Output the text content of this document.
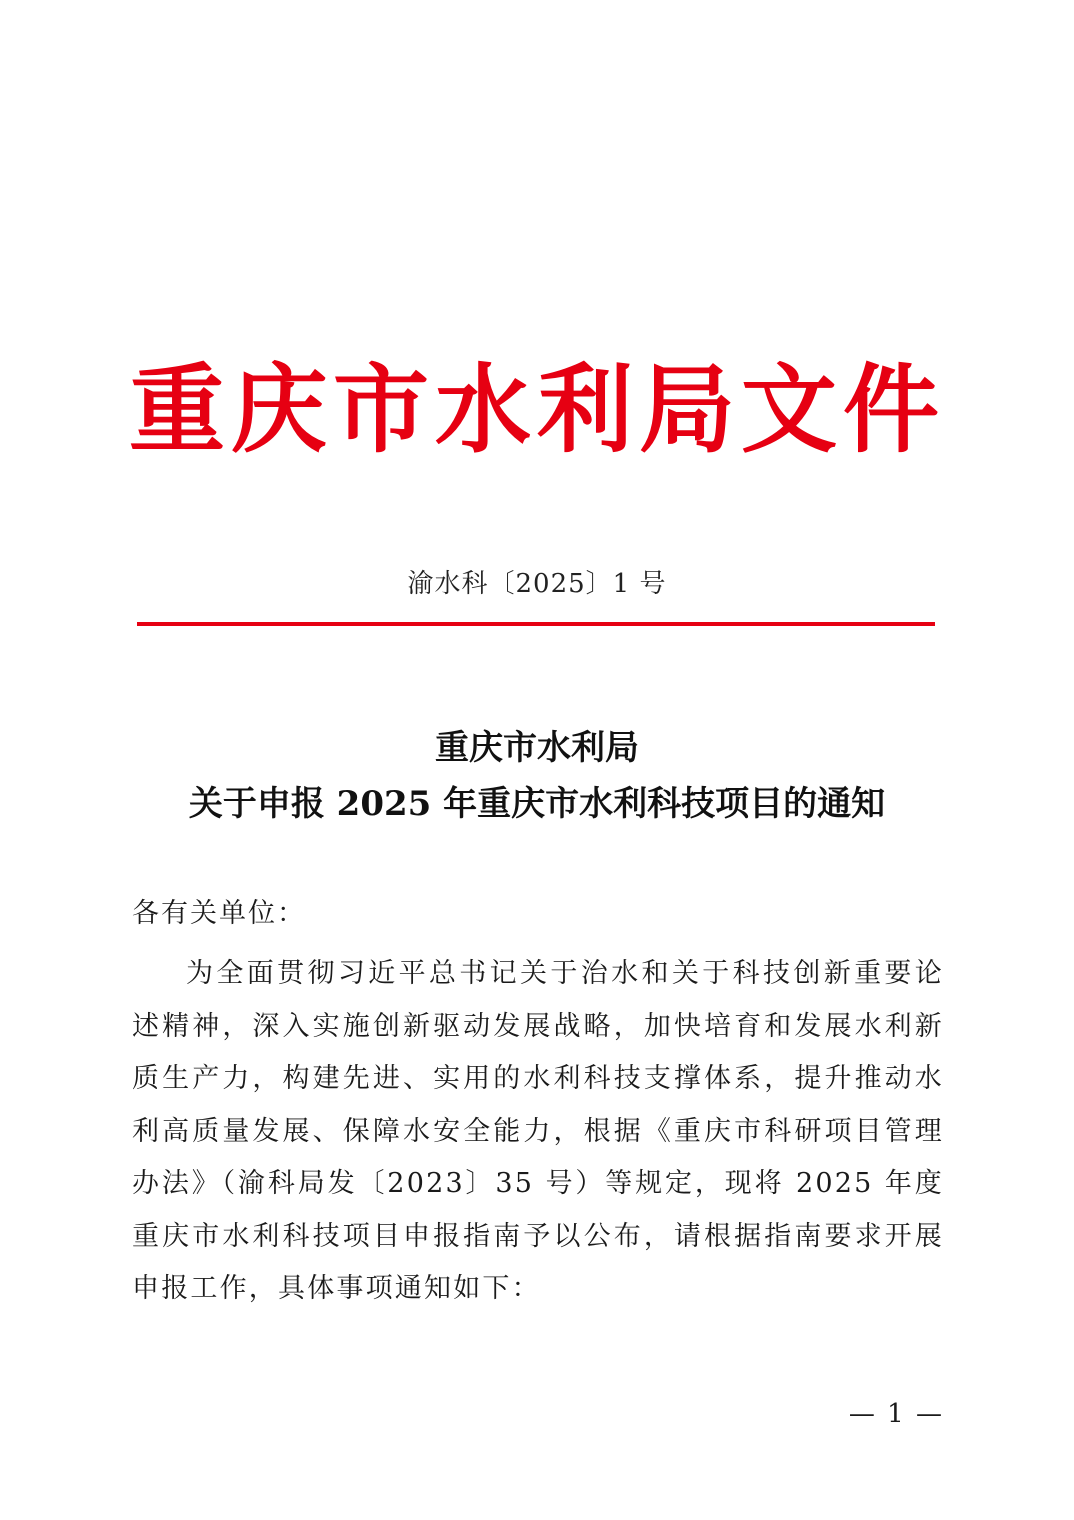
重庆市水利局文件
渝水科〔2025〕1 号
重庆市水利局
关于申报 2025 年重庆市水利科技项目的通知
各有关单位：

为全面贯彻习近平总书记关于治水和关于科技创新重要论述精神，深入实施创新驱动发展战略，加快培育和发展水利新质生产力，构建先进、实用的水利科技支撑体系，提升推动水利高质量发展、保障水安全能力，根据《重庆市科研项目管理办法》（渝科局发〔2023〕35 号）等规定，现将 2025 年度重庆市水利科技项目申报指南予以公布，请根据指南要求开展申报工作，具体事项通知如下：

— 1 —
